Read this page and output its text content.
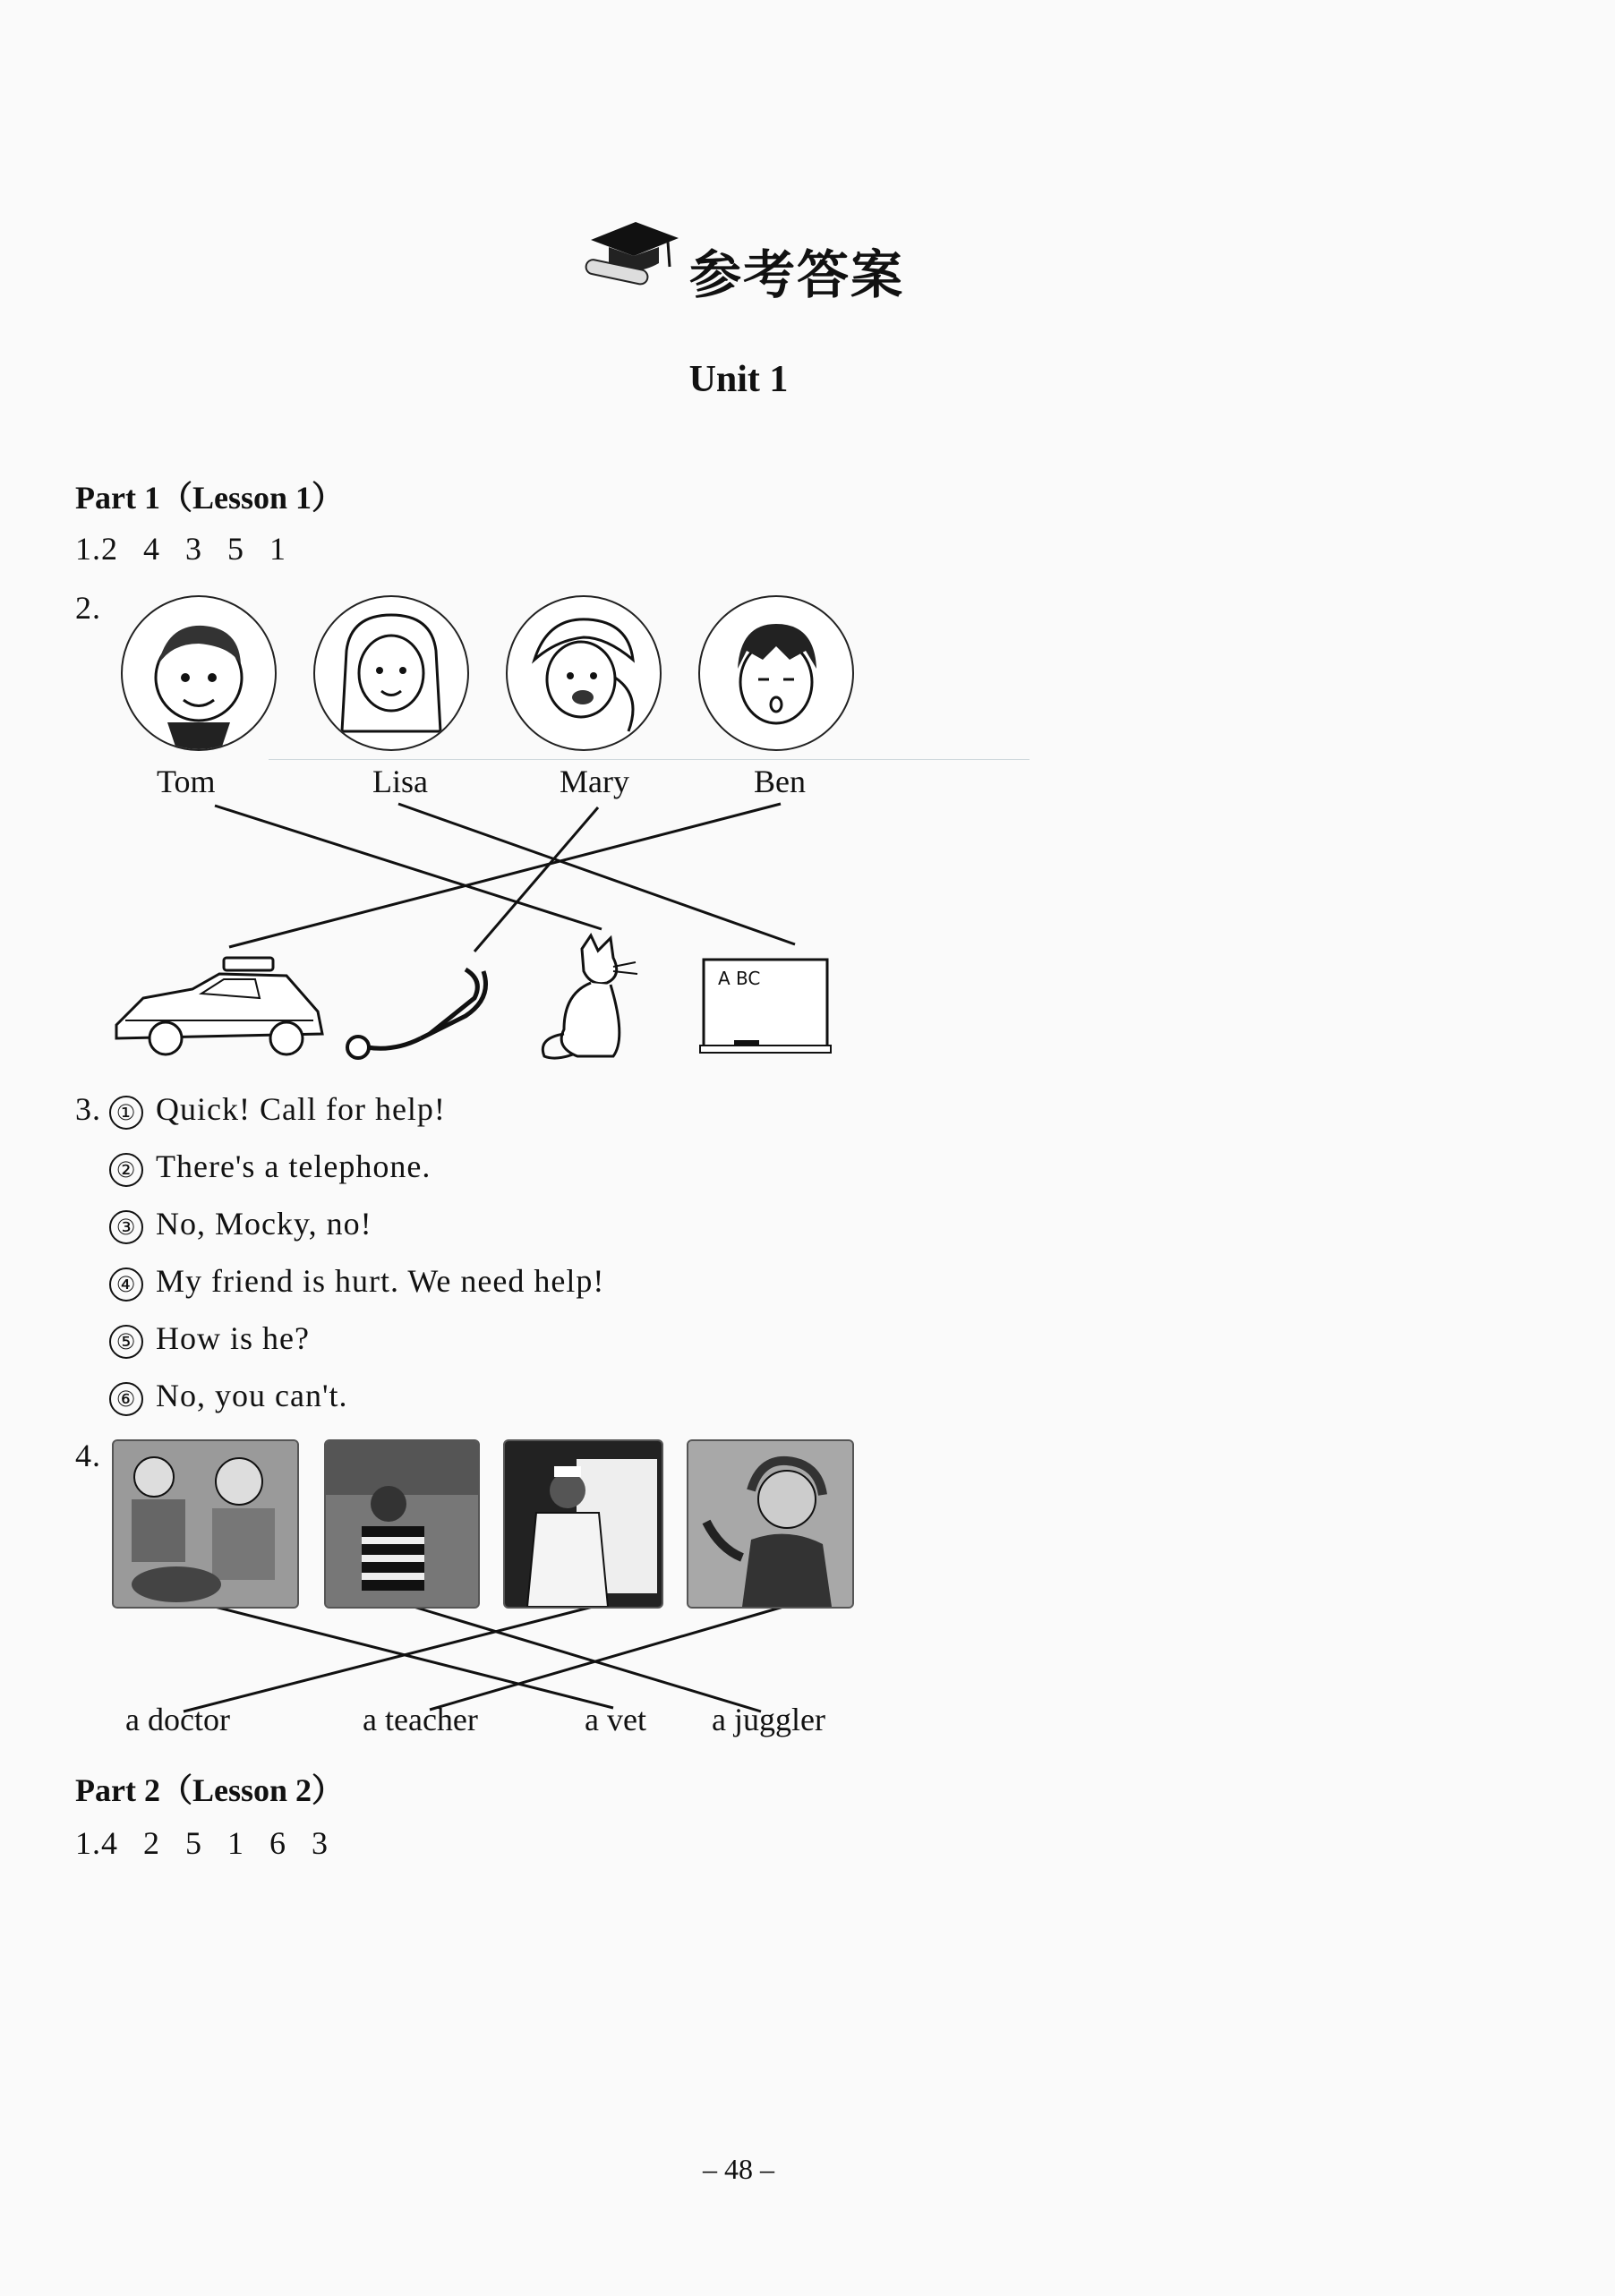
参考答案
Unit 1
Part 1（Lesson 1）
1.2 4 3 5 1
2.
Tom	Lisa	Mary	Ben
A BC
3. ① Quick! Call for help!
② There's a telephone.
③ No, Mocky, no!
④ My friend is hurt. We need help!
⑤ How is he?
⑥ No, you can't.
4.
a doctor	a teacher	a vet a juggler
Part 2（Lesson 2）
1.4 2 5 1 6 3
– 48 –
